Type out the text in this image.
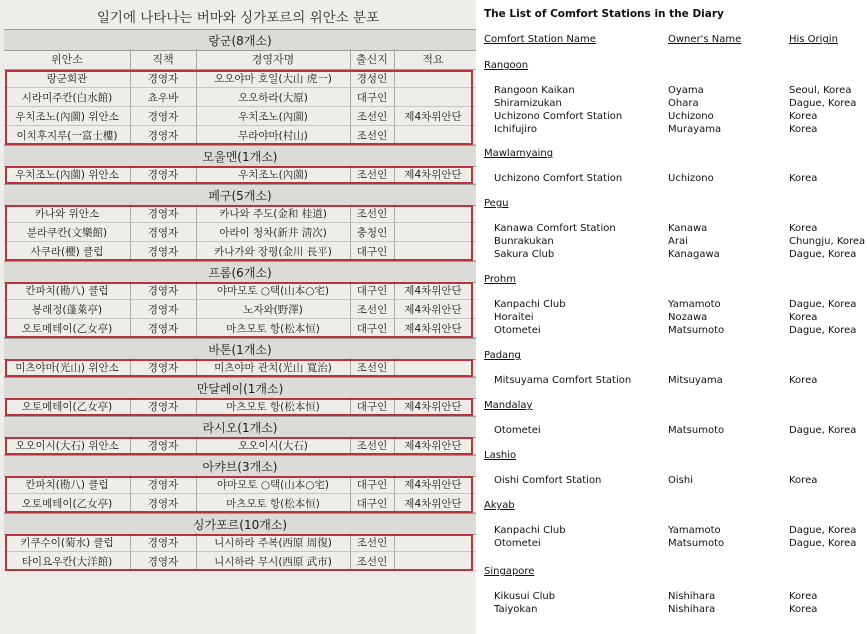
일기에 나타나는 버마와 싱가포르의 위안소 분포
랑군(8개소)
위안소	직책	경영자명	출신지	적요
랑군회관	경영자	오오야마 호일(大山 虎一)	경성인
시라미주칸(白水館)	쵸우바	오오하라(大原)	대구인
우치조노(內薗) 위안소	경영자	우치조노(內薗)	조선인	제4차위안단
이치후지루(一富士樓)	경영자	무라야마(村山)	조선인
모울멘(1개소)
우치조노(內薗) 위안소	경영자	우치조노(內薗)	조선인	제4차위안단
페구(5개소)
카나와 위안소	경영자	카나와 주도(金和 桂道)	조선인
분라쿠칸(文樂館)	경영자	아라이 청차(新井 淸次)	충청인
사쿠라(櫻) 클럽	경영자	카나가와 장평(金川 長平)	대구인
프롬(6개소)
칸파치(勘八) 클럽	경영자	야마모토 ○택(山本○宅)	대구인	제4차위안단
봉래정(蓬萊亭)	경영자	노자와(野澤)	조선인	제4차위안단
오토메테이(乙女亭)	경영자	마츠모토 항(松本恒)	대구인	제4차위안단
바톤(1개소)
미츠야마(光山) 위안소	경영자	미츠야마 관치(光山 寬治)	조선인
만달레이(1개소)
오토메테이(乙女亭)	경영자	마츠모토 항(松本恒)	대구인	제4차위안단
라시오(1개소)
오오이시(大石) 위안소	경영자	오오이시(大石)	조선인	제4차위안단
아캬브(3개소)
칸파치(勘八) 클럽	경영자	야마모토 ○택(山本○宅)	대구인	제4차위안단
오토메테이(乙女亭)	경영자	마츠모토 항(松本恒)	대구인	제4차위안단
싱가포르(10개소)
키쿠수이(菊水) 클럽	경영자	니시하라 주복(西原 周復)	조선인
타이요우칸(大洋館)	경영자	니시하라 무시(西原 武市)	조선인
The List of Comfort Stations in the Diary
Comfort Station Name	Owner's Name	His Origin
Rangoon
Rangoon Kaikan	Oyama	Seoul, Korea
Shiramizukan	Ohara	Dague, Korea
Uchizono Comfort Station	Uchizono	Korea
Ichifujiro	Murayama	Korea
Mawlamyaing
Uchizono Comfort Station	Uchizono	Korea
Pegu
Kanawa Comfort Station	Kanawa	Korea
Bunrakukan	Arai	Chungju, Korea
Sakura Club	Kanagawa	Dague, Korea
Prohm
Kanpachi Club	Yamamoto	Dague, Korea
Horaitei	Nozawa	Korea
Otometei	Matsumoto	Dague, Korea
Padang
Mitsuyama Comfort Station	Mitsuyama	Korea
Mandalay
Otometei	Matsumoto	Dague, Korea
Lashio
Oishi Comfort Station	Oishi	Korea
Akyab
Kanpachi Club	Yamamoto	Dague, Korea
Otometei	Matsumoto	Dague, Korea
Singapore
Kikusui Club	Nishihara	Korea
Taiyokan	Nishihara	Korea
